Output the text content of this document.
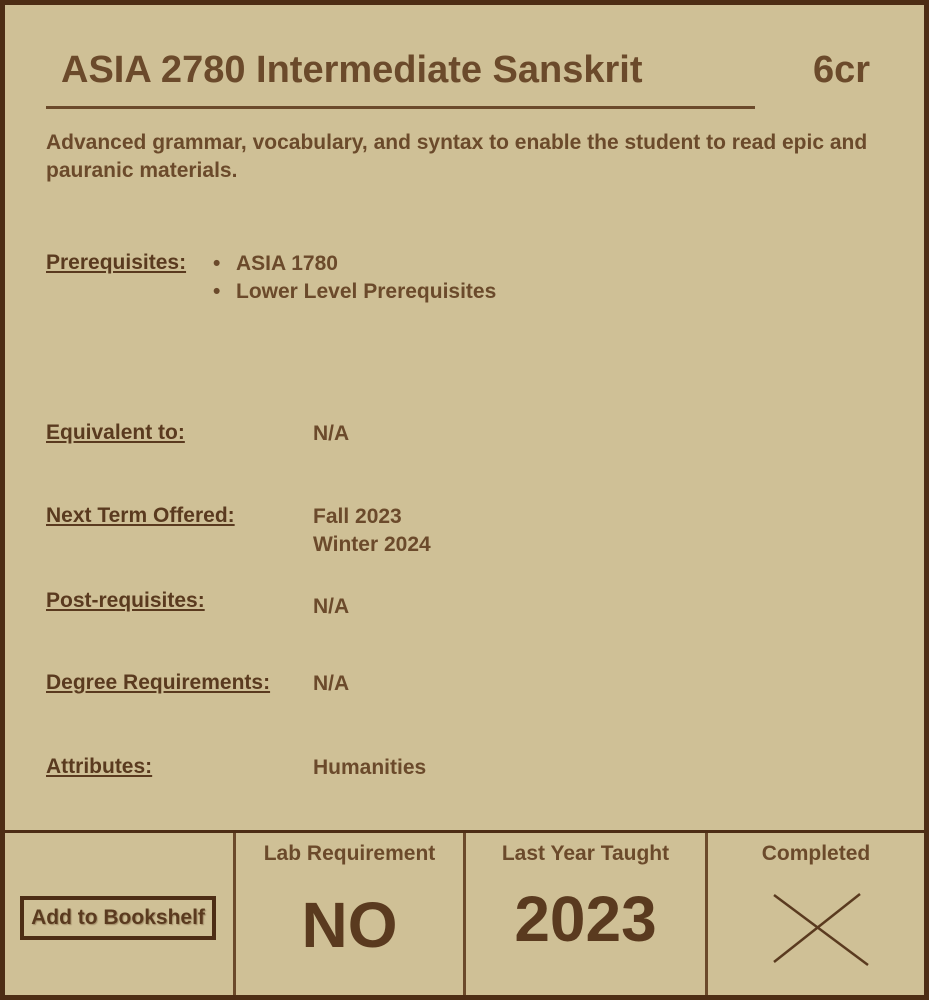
ASIA 2780 Intermediate Sanskrit	6cr
Advanced grammar, vocabulary, and syntax to enable the student to read epic and pauranic materials.
Prerequisites: • ASIA 1780
• Lower Level Prerequisites
Equivalent to:	N/A
Next Term Offered:	Fall 2023
Winter 2024
Post-requisites:	N/A
Degree Requirements: N/A
Attributes:	Humanities
Add to Bookshelf
Lab Requirement
NO
Last Year Taught
2023
Completed
